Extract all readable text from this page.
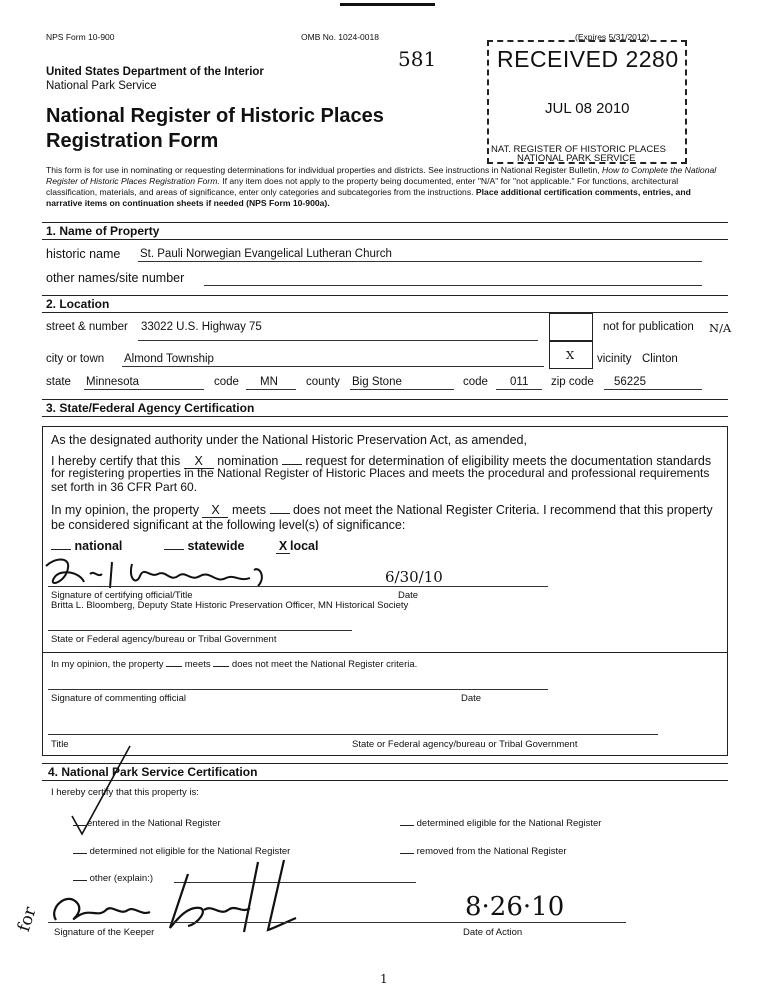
NPS Form 10-900	OMB No. 1024-0018	(Expires 5/31/2012)
581
United States Department of the Interior
National Park Service
National Register of Historic Places
Registration Form
RECEIVED 2280
JUL 08 2010
NAT. REGISTER OF HISTORIC PLACES
NATIONAL PARK SERVICE
This form is for use in nominating or requesting determinations for individual properties and districts. See instructions in National Register Bulletin, How to Complete the National Register of Historic Places Registration Form. If any item does not apply to the property being documented, enter "N/A" for "not applicable." For functions, architectural classification, materials, and areas of significance, enter only categories and subcategories from the instructions. Place additional certification comments, entries, and narrative items on continuation sheets if needed (NPS Form 10-900a).
1. Name of Property
historic name St. Pauli Norwegian Evangelical Lutheran Church
other names/site number
2. Location
street & number 33022 U.S. Highway 75	not for publication N/A
city or town Almond Township	X vicinity Clinton
state Minnesota	code MN county Big Stone	code 011 zip code 56225
3. State/Federal Agency Certification
As the designated authority under the National Historic Preservation Act, as amended,
I hereby certify that this X nomination request for determination of eligibility meets the documentation standards
for registering properties in the National Register of Historic Places and meets the procedural and professional requirements set forth in 36 CFR Part 60.
In my opinion, the property X meets does not meet the National Register Criteria. I recommend that this property
be considered significant at the following level(s) of significance:
national	statewide	X local
6/30/10
Signature of certifying official/Title	Date
Britta L. Bloomberg, Deputy State Historic Preservation Officer, MN Historical Society
State or Federal agency/bureau or Tribal Government
In my opinion, the property meets does not meet the National Register criteria.
Signature of commenting official	Date
Title	State or Federal agency/bureau or Tribal Government
4. National Park Service Certification
I hereby certify that this property is:
entered in the National Register	determined eligible for the National Register
determined not eligible for the National Register	removed from the National Register
other (explain:)
for	8·26·10
Signature of the Keeper	Date of Action
1
